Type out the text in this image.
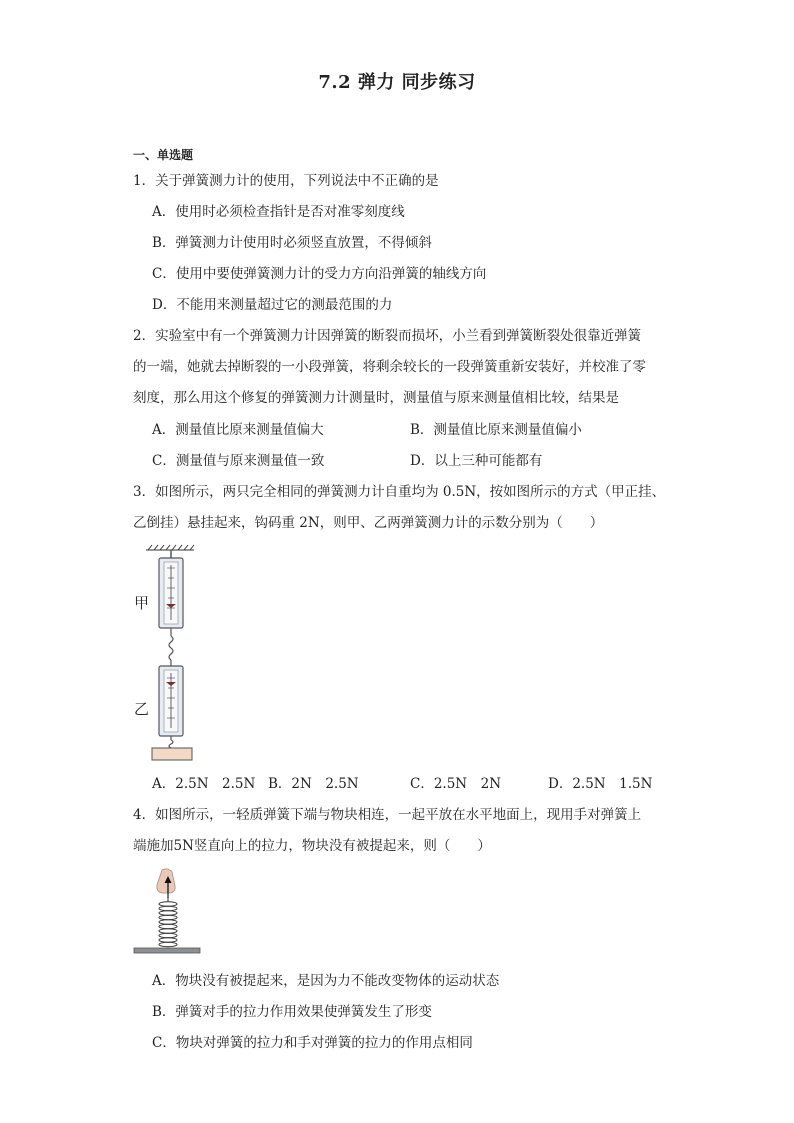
7.2 弹力 同步练习
一、单选题
1．关于弹簧测力计的使用，下列说法中不正确的是
A．使用时必须检查指针是否对准零刻度线
B．弹簧测力计使用时必须竖直放置，不得倾斜
C．使用中要使弹簧测力计的受力方向沿弹簧的轴线方向
D．不能用来测量超过它的测最范围的力
2．实验室中有一个弹簧测力计因弹簧的断裂而损坏，小兰看到弹簧断裂处很靠近弹簧
的一端，她就去掉断裂的一小段弹簧，将剩余较长的一段弹簧重新安装好，并校准了零
刻度，那么用这个修复的弹簧测力计测量时，测量值与原来测量值相比较，结果是
A．测量值比原来测量值偏大	B．测量值比原来测量值偏小
C．测量值与原来测量值一致	D．以上三种可能都有
3．如图所示，两只完全相同的弹簧测力计自重均为 0.5N，按如图所示的方式（甲正挂、
乙倒挂）悬挂起来，钩码重 2N，则甲、乙两弹簧测力计的示数分别为（　　）
甲
乙
A．2.5N　2.5N B．2N　2.5N	C．2.5N　2N	D．2.5N　1.5N
4．如图所示，一轻质弹簧下端与物块相连，一起平放在水平地面上，现用手对弹簧上
端施加5N竖直向上的拉力，物块没有被提起来，则（　　）
A．物块没有被提起来，是因为力不能改变物体的运动状态
B．弹簧对手的拉力作用效果使弹簧发生了形变
C．物块对弹簧的拉力和手对弹簧的拉力的作用点相同
